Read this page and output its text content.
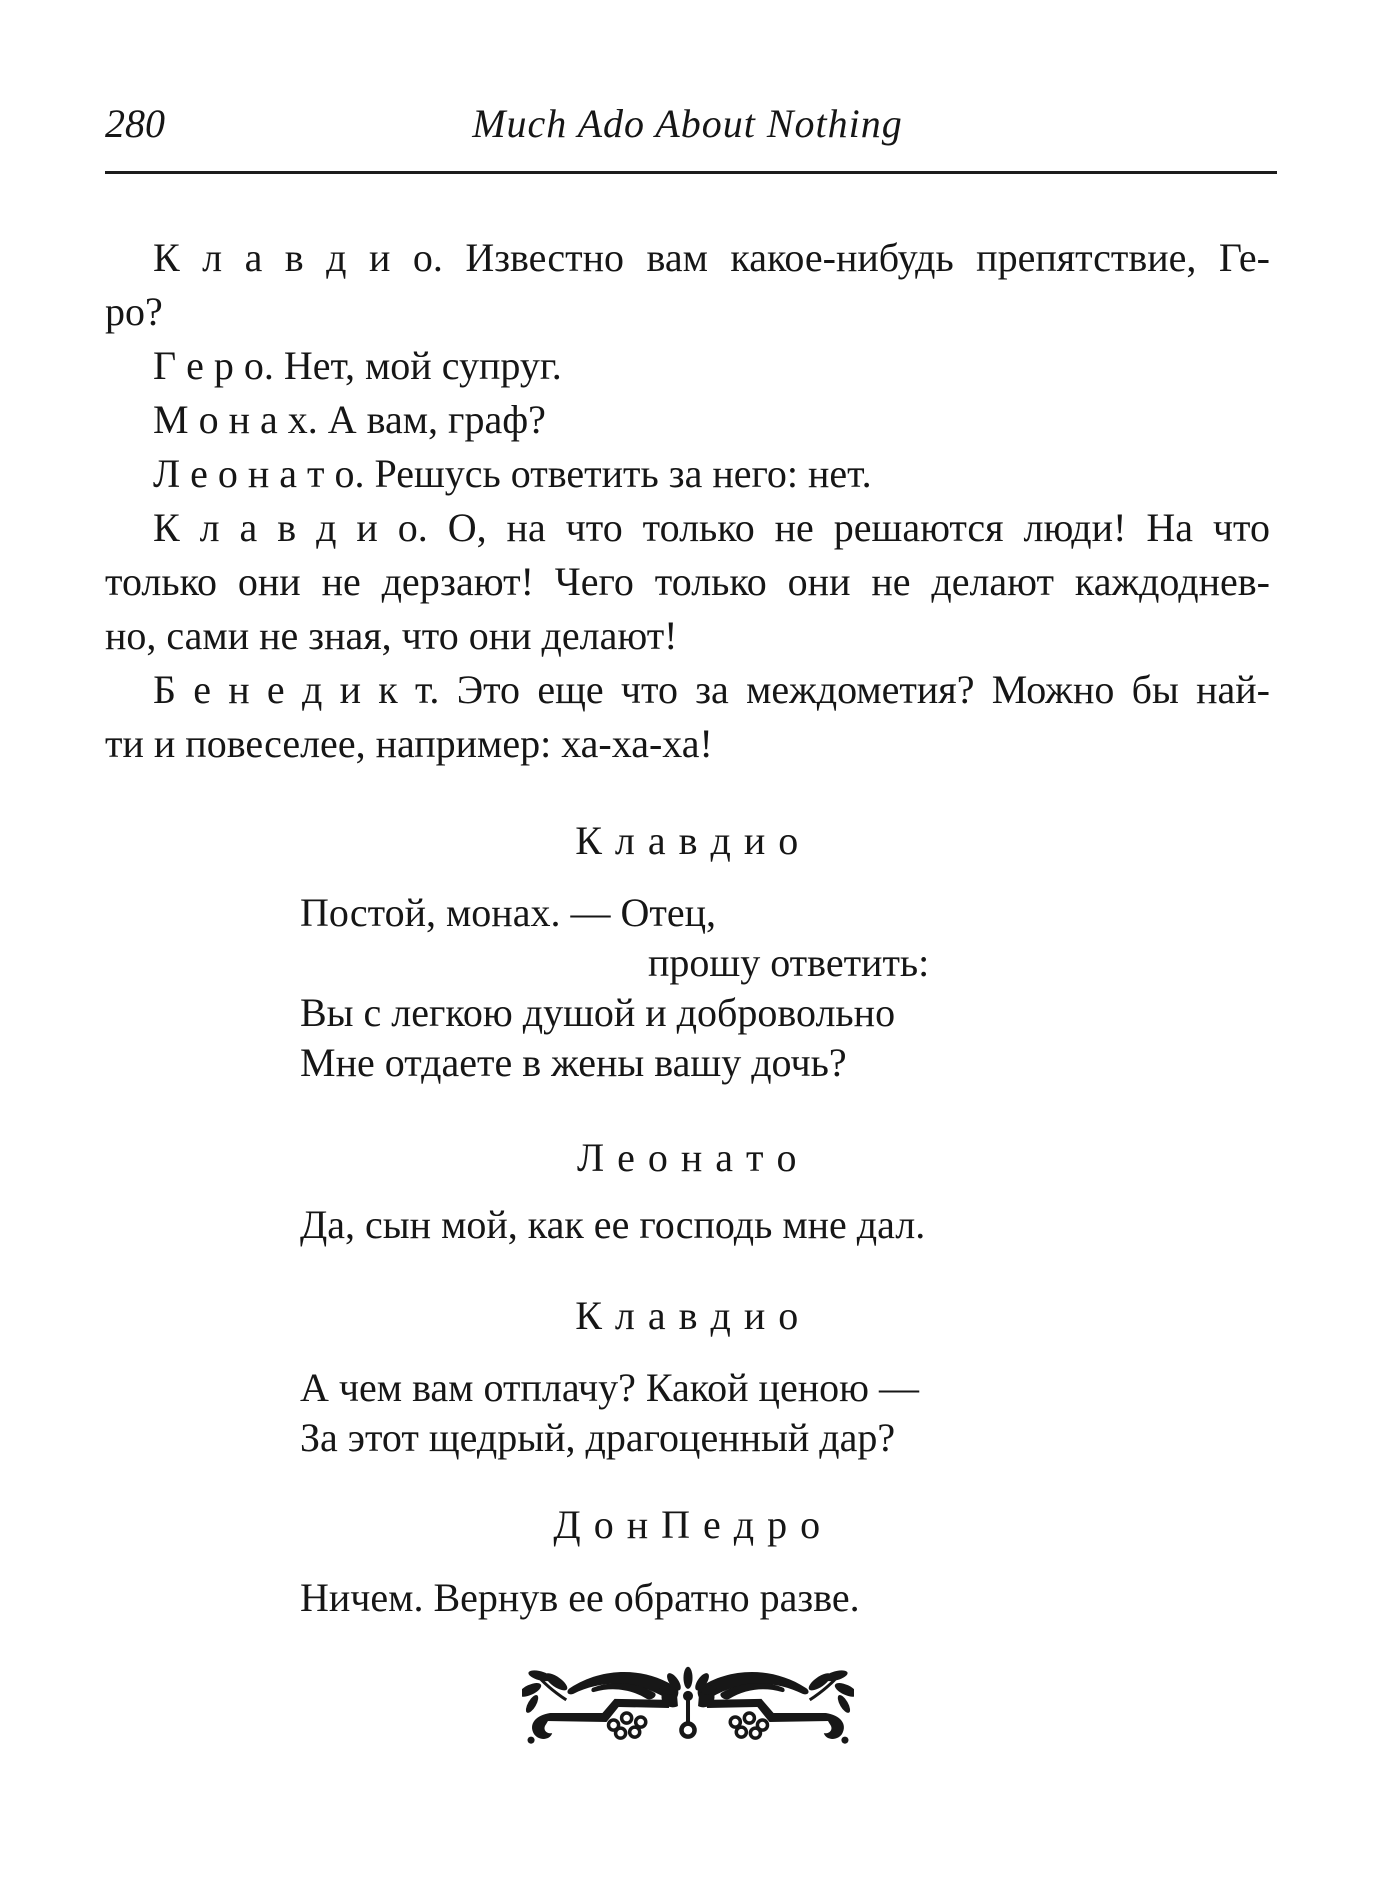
280	Much Ado About Nothing
К л а в д и о. Известно вам какое-нибудь препятствие, Ге-
ро?
Г е р о. Нет, мой супруг.
М о н а х. А вам, граф?
Л е о н а т о. Решусь ответить за него: нет.
К л а в д и о. О, на что только не решаются люди! На что
только они не дерзают! Чего только они не делают каждоднев-
но, сами не зная, что они делают!
Б е н е д и к т. Это еще что за междометия? Можно бы най-
ти и повеселее, например: ха-ха-ха!
К л а в д и о
Постой, монах. — Отец,
прошу ответить:
Вы с легкою душой и добровольно
Мне отдаете в жены вашу дочь?
Л е о н а т о
Да, сын мой, как ее господь мне дал.
К л а в д и о
А чем вам отплачу? Какой ценою —
За этот щедрый, драгоценный дар?
Д о н П е д р о
Ничем. Вернув ее обратно разве.
